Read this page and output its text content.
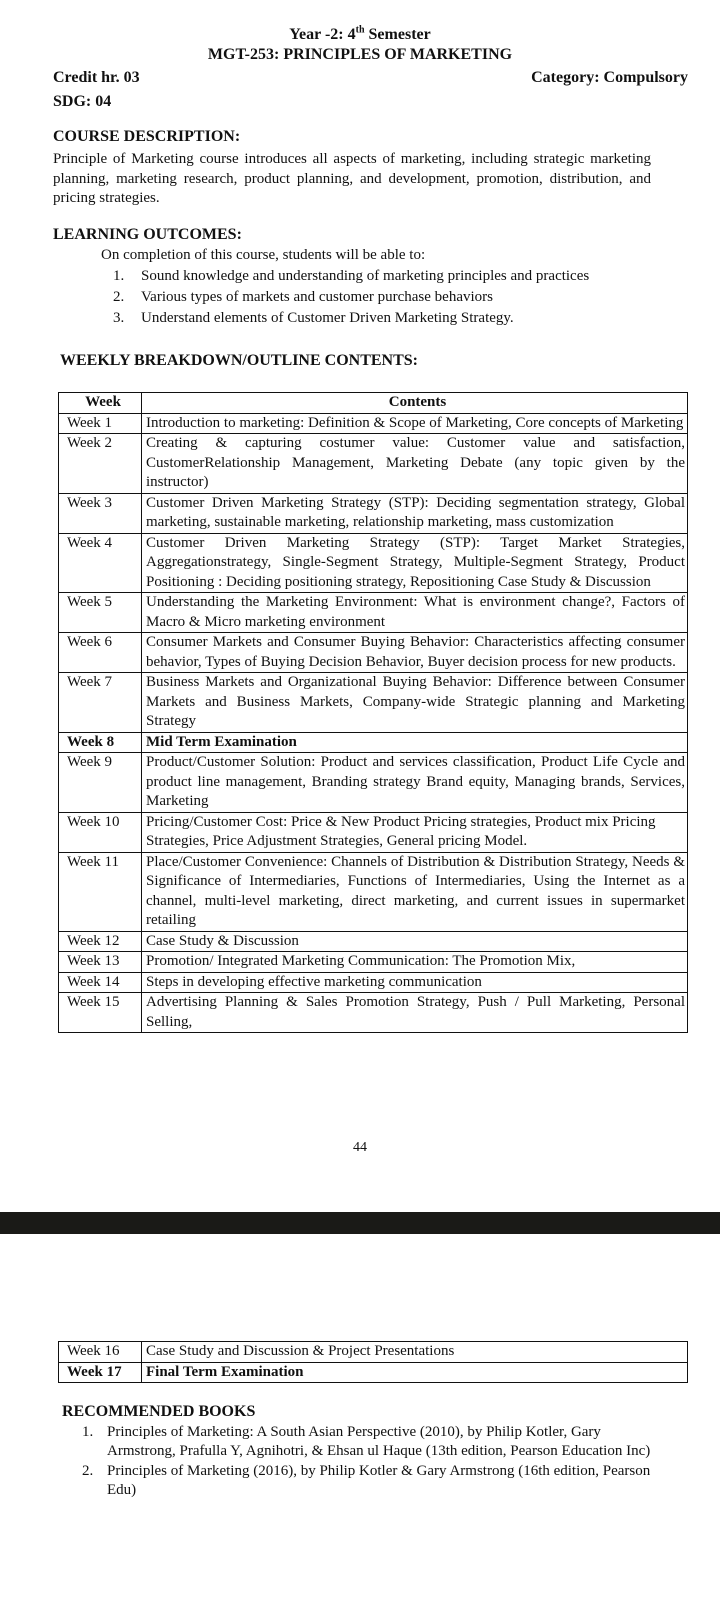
Year -2: 4th Semester
MGT-253: PRINCIPLES OF MARKETING
Credit hr. 03	Category: Compulsory
SDG: 04
COURSE DESCRIPTION:
Principle of Marketing course introduces all aspects of marketing, including strategic marketing planning, marketing research, product planning, and development, promotion, distribution, and pricing strategies.
LEARNING OUTCOMES:
On completion of this course, students will be able to:
1. Sound knowledge and understanding of marketing principles and practices
2. Various types of markets and customer purchase behaviors
3. Understand elements of Customer Driven Marketing Strategy.
WEEKLY BREAKDOWN/OUTLINE CONTENTS:
Week	Contents
Week 1	Introduction to marketing: Definition & Scope of Marketing, Core concepts of Marketing
Week 2	Creating & capturing costumer value: Customer value and satisfaction, CustomerRelationship Management, Marketing Debate (any topic given by the instructor)
Week 3	Customer Driven Marketing Strategy (STP): Deciding segmentation strategy, Global marketing, sustainable marketing, relationship marketing, mass customization
Week 4	Customer Driven Marketing Strategy (STP): Target Market Strategies, Aggregationstrategy, Single-Segment Strategy, Multiple-Segment Strategy, Product Positioning : Deciding positioning strategy, Repositioning Case Study & Discussion
Week 5	Understanding the Marketing Environment: What is environment change?, Factors of Macro & Micro marketing environment
Week 6	Consumer Markets and Consumer Buying Behavior: Characteristics affecting consumer behavior, Types of Buying Decision Behavior, Buyer decision process for new products.
Week 7	Business Markets and Organizational Buying Behavior: Difference between Consumer Markets and Business Markets, Company-wide Strategic planning and Marketing Strategy
Week 8	Mid Term Examination
Week 9	Product/Customer Solution: Product and services classification, Product Life Cycle and product line management, Branding strategy Brand equity, Managing brands, Services, Marketing
Week 10	Pricing/Customer Cost: Price & New Product Pricing strategies, Product mix Pricing
Strategies, Price Adjustment Strategies, General pricing Model.

Week 11	Place/Customer Convenience: Channels of Distribution & Distribution Strategy, Needs & Significance of Intermediaries, Functions of Intermediaries, Using the Internet as a channel, multi-level marketing, direct marketing, and current issues in supermarket retailing
Week 12	Case Study & Discussion
Week 13	Promotion/ Integrated Marketing Communication: The Promotion Mix,
Week 14	Steps in developing effective marketing communication
Week 15	Advertising Planning & Sales Promotion Strategy, Push / Pull Marketing, Personal Selling,
44
Week 16	Case Study and Discussion & Project Presentations
Week 17	Final Term Examination
RECOMMENDED BOOKS
1. Principles of Marketing: A South Asian Perspective (2010), by Philip Kotler, Gary Armstrong, Prafulla Y, Agnihotri, & Ehsan ul Haque (13th edition, Pearson Education Inc)
2. Principles of Marketing (2016), by Philip Kotler & Gary Armstrong (16th edition, Pearson Edu)
